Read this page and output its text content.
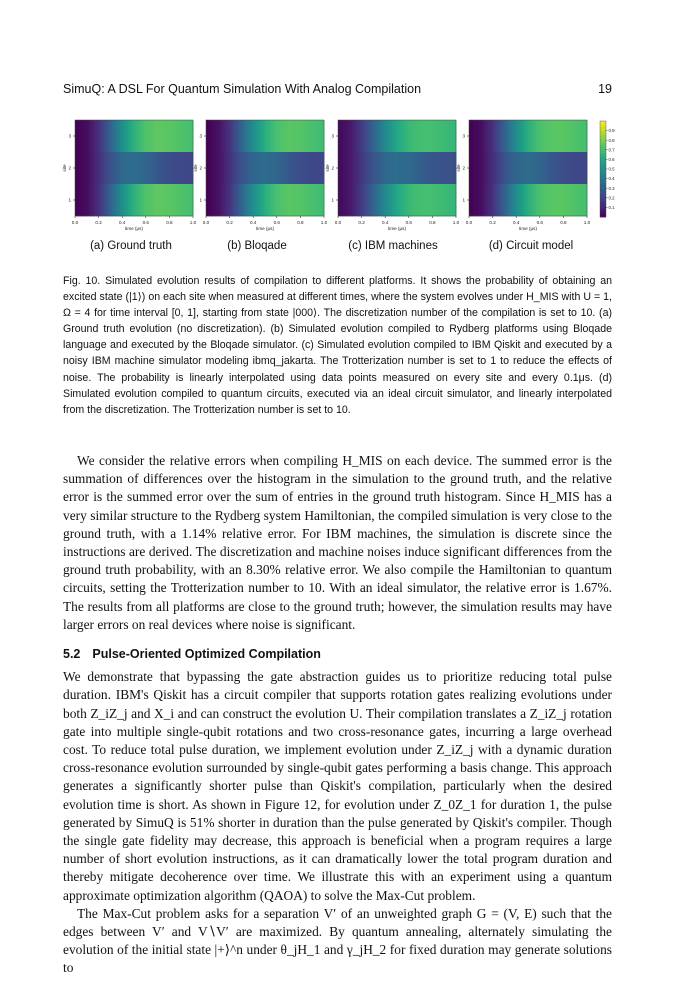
SimuQ: A DSL For Quantum Simulation With Analog Compilation	19
0.0	0.2	0.4	0.6	0.8	1.0
time (μs)
3
2
1
site
0.0	0.2	0.4	0.6	0.8	1.0
time (μs)
3
2
1
site
0.0	0.2	0.4	0.6	0.8	1.0
time (μs)
3
2
1
site
0.0	0.2	0.4	0.6	0.8	1.0
time (μs)
3
2
1
site
0.1
0.2
0.3
0.4
0.5
0.6
0.7
0.8
0.9
(a) Ground truth	(b) Bloqade	(c) IBM machines	(d) Circuit model
Fig. 10. Simulated evolution results of compilation to different platforms. It shows the probability of obtaining an excited state (|1⟩) on each site when measured at different times, where the system evolves under H_MIS with U = 1, Ω = 4 for time interval [0, 1], starting from state |000⟩. The discretization number of the compilation is set to 10. (a) Ground truth evolution (no discretization). (b) Simulated evolution compiled to Rydberg platforms using Bloqade language and executed by the Bloqade simulator. (c) Simulated evolution compiled to IBM Qiskit and executed by a noisy IBM machine simulator modeling ibmq_jakarta. The Trotterization number is set to 1 to reduce the effects of noise. The probability is linearly interpolated using data points measured on every site and every 0.1μs. (d) Simulated evolution compiled to quantum circuits, executed via an ideal circuit simulator, and linearly interpolated from the discretization. The Trotterization number is set to 10.

We consider the relative errors when compiling H_MIS on each device. The summed error is the summation of differences over the histogram in the simulation to the ground truth, and the relative error is the summed error over the sum of entries in the ground truth histogram. Since H_MIS has a very similar structure to the Rydberg system Hamiltonian, the compiled simulation is very close to the ground truth, with a 1.14% relative error. For IBM machines, the simulation is discrete since the instructions are derived. The discretization and machine noises induce significant differences from the ground truth probability, with an 8.30% relative error. We also compile the Hamiltonian to quantum circuits, setting the Trotterization number to 10. With an ideal simulator, the relative error is 1.67%. The results from all platforms are close to the ground truth; however, the simulation results may have larger errors on real devices where noise is significant.

5.2 Pulse-Oriented Optimized Compilation

We demonstrate that bypassing the gate abstraction guides us to prioritize reducing total pulse duration. IBM's Qiskit has a circuit compiler that supports rotation gates realizing evolutions under both Z_iZ_j and X_i and can construct the evolution U. Their compilation translates a Z_iZ_j rotation gate into multiple single-qubit rotations and two cross-resonance gates, incurring a large overhead cost. To reduce total pulse duration, we implement evolution under Z_iZ_j with a dynamic duration cross-resonance evolution surrounded by single-qubit gates performing a basis change. This approach generates a significantly shorter pulse than Qiskit's compilation, particularly when the desired evolution time is short. As shown in Figure 12, for evolution under Z_0Z_1 for duration 1, the pulse generated by SimuQ is 51% shorter in duration than the pulse generated by Qiskit's compiler. Though the single gate fidelity may decrease, this approach is beneficial when a program requires a large number of short evolution instructions, as it can dramatically lower the total program duration and thereby mitigate decoherence over time. We illustrate this with an experiment using a quantum approximate optimization algorithm (QAOA) to solve the Max-Cut problem.

The Max-Cut problem asks for a separation V′ of an unweighted graph G = (V, E) such that the edges between V′ and V∖V′ are maximized. By quantum annealing, alternately simulating the evolution of the initial state |+⟩^n under θ_jH_1 and γ_jH_2 for fixed duration may generate solutions to
